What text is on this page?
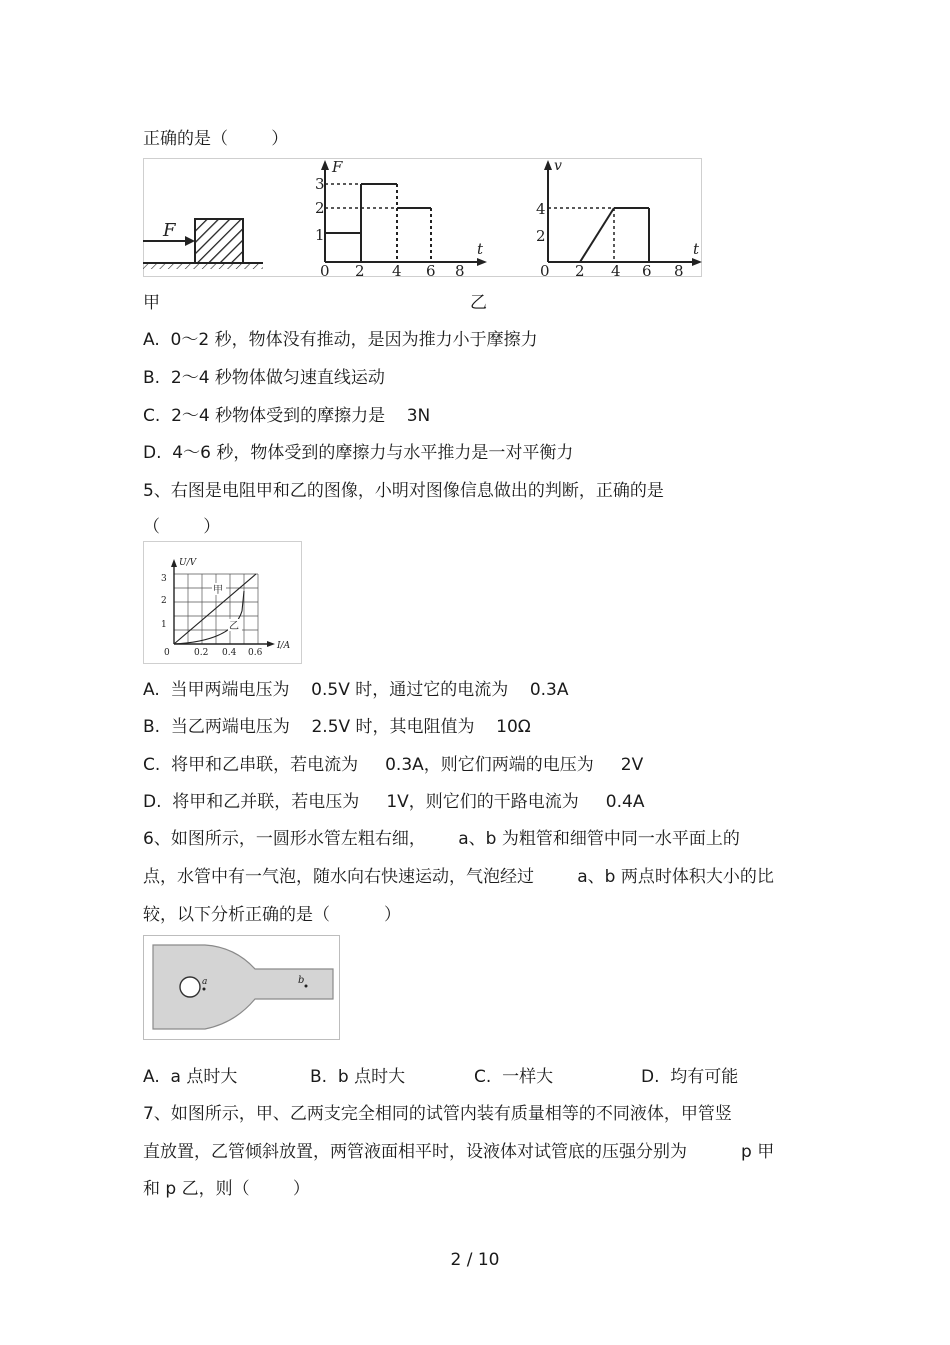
正确的是（        ）
F
F
t
1
2
3
0 2 4 6 8
v
t
2
4
0 2 4 6 8
甲	乙
A.  0～2 秒，物体没有推动，是因为推力小于摩擦力
B.  2～4 秒物体做匀速直线运动
C.  2～4 秒物体受到的摩擦力是    3N
D.  4～6 秒，物体受到的摩擦力与水平推力是一对平衡力
5、右图是电阻甲和乙的图像，小明对图像信息做出的判断，正确的是
（        ）
U/V
I/A
1
2
3
0	0.2 0.4 0.6
甲
乙
A.  当甲两端电压为    0.5V 时，通过它的电流为    0.3A
B.  当乙两端电压为    2.5V 时，其电阻值为    10Ω
C.  将甲和乙串联，若电流为     0.3A，则它们两端的电压为     2V
D.  将甲和乙并联，若电压为     1V，则它们的干路电流为     0.4A
6、如图所示，一圆形水管左粗右细，      a、b 为粗管和细管中同一水平面上的
点，水管中有一气泡，随水向右快速运动，气泡经过        a、b 两点时体积大小的比
较，以下分析正确的是（          ）
a	b
A.  a 点时大	B.  b 点时大	C.  一样大	D.  均有可能
7、如图所示，甲、乙两支完全相同的试管内装有质量相等的不同液体，甲管竖
直放置，乙管倾斜放置，两管液面相平时，设液体对试管底的压强分别为          p 甲
和 p 乙，则（        ）
2 / 10
